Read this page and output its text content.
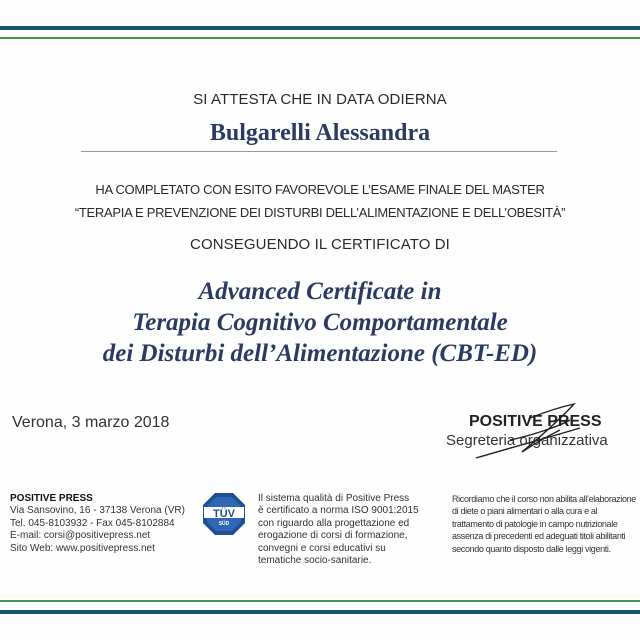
SI ATTESTA CHE IN DATA ODIERNA
Bulgarelli Alessandra
HA COMPLETATO CON ESITO FAVOREVOLE L’ESAME FINALE DEL MASTER
“TERAPIA E PREVENZIONE DEI DISTURBI DELL’ALIMENTAZIONE E DELL’OBESITÀ”
CONSEGUENDO IL CERTIFICATO DI
Advanced Certificate in
Terapia Cognitivo Comportamentale
dei Disturbi dell’Alimentazione (CBT-ED)
Verona, 3 marzo 2018	POSITIVE PRESS
Segreteria organizzativa
POSITIVE PRESS
Via Sansovino, 16 - 37138 Verona (VR)
Tel. 045-8103932 - Fax 045-8102884
E-mail: corsi@positivepress.net
Sito Web: www.positivepress.net
TÜV
SÜD
Il sistema qualità di Positive Press
è certificato a norma ISO 9001:2015
con riguardo alla progettazione ed
erogazione di corsi di formazione,
convegni e corsi educativi su
tematiche socio-sanitarie.
Ricordiamo che il corso non abilita all’elaborazione
di diete o piani alimentari o alla cura e al
trattamento di patologie in campo nutrizionale
assenza di precedenti ed adeguati titoli abilitanti
secondo quanto disposto dalle leggi vigenti.
